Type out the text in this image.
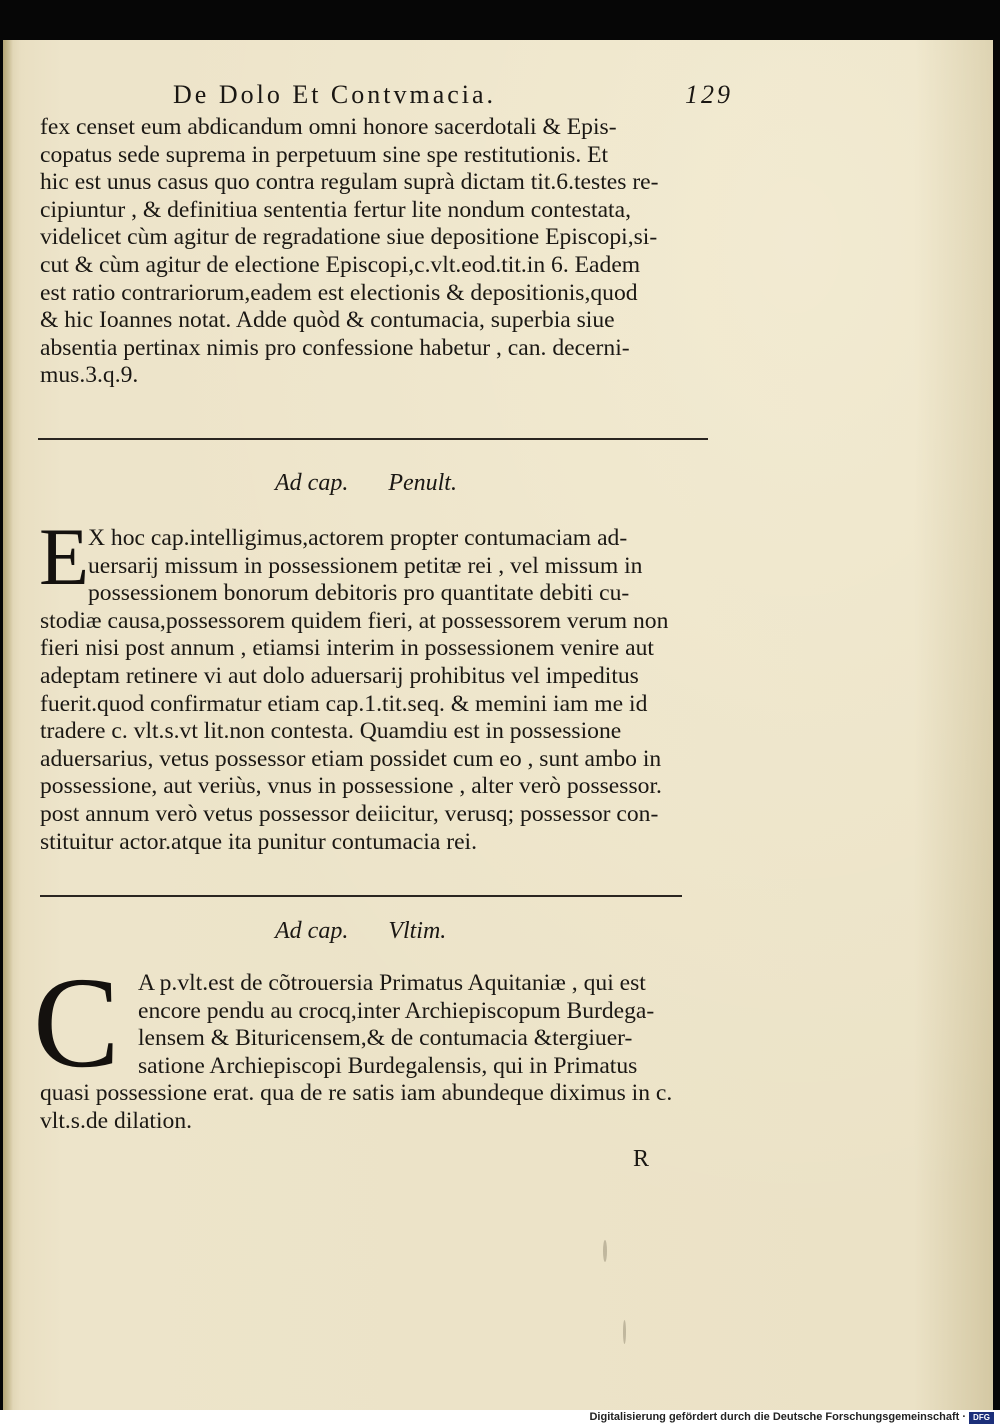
De Dolo Et Contvmacia.	129
fex censet eum abdicandum omni honore sacerdotali & Epis-
copatus sede suprema in perpetuum sine spe restitutionis. Et
hic est unus casus quo contra regulam suprà dictam tit.6.testes re-
cipiuntur , & definitiua sententia fertur lite nondum contestata,
videlicet cùm agitur de regradatione siue depositione Episcopi,si-
cut & cùm agitur de electione Episcopi,c.vlt.eod.tit.in 6. Eadem
est ratio contrariorum,eadem est electionis & depositionis,quod
& hic Ioannes notat. Adde quòd & contumacia, superbia siue
absentia pertinax nimis pro confessione habetur , can. decerni-
mus.3.q.9.
Ad cap. Penult.
E
X hoc cap.intelligimus,actorem propter contumaciam ad-
uersarij missum in possessionem petitæ rei , vel missum in
possessionem bonorum debitoris pro quantitate debiti cu-
stodiæ causa,possessorem quidem fieri, at possessorem verum non
fieri nisi post annum , etiamsi interim in possessionem venire aut
adeptam retinere vi aut dolo aduersarij prohibitus vel impeditus
fuerit.quod confirmatur etiam cap.1.tit.seq. & memini iam me id
tradere c. vlt.s.vt lit.non contesta. Quamdiu est in possessione
aduersarius, vetus possessor etiam possidet cum eo , sunt ambo in
possessione, aut veriùs, vnus in possessione , alter verò possessor.
post annum verò vetus possessor deiicitur, verusq; possessor con-
stituitur actor.atque ita punitur contumacia rei.
Ad cap. Vltim.
C A p.vlt.est de cõtrouersia Primatus Aquitaniæ , qui est
encore pendu au crocq,inter Archiepiscopum Burdega-
lensem & Bituricensem,& de contumacia &tergiuer-
satione Archiepiscopi Burdegalensis, qui in Primatus
quasi possessione erat. qua de re satis iam abundeque diximus in c.
vlt.s.de dilation.
R
Digitalisierung gefördert durch die Deutsche Forschungsgemeinschaft · DFG
